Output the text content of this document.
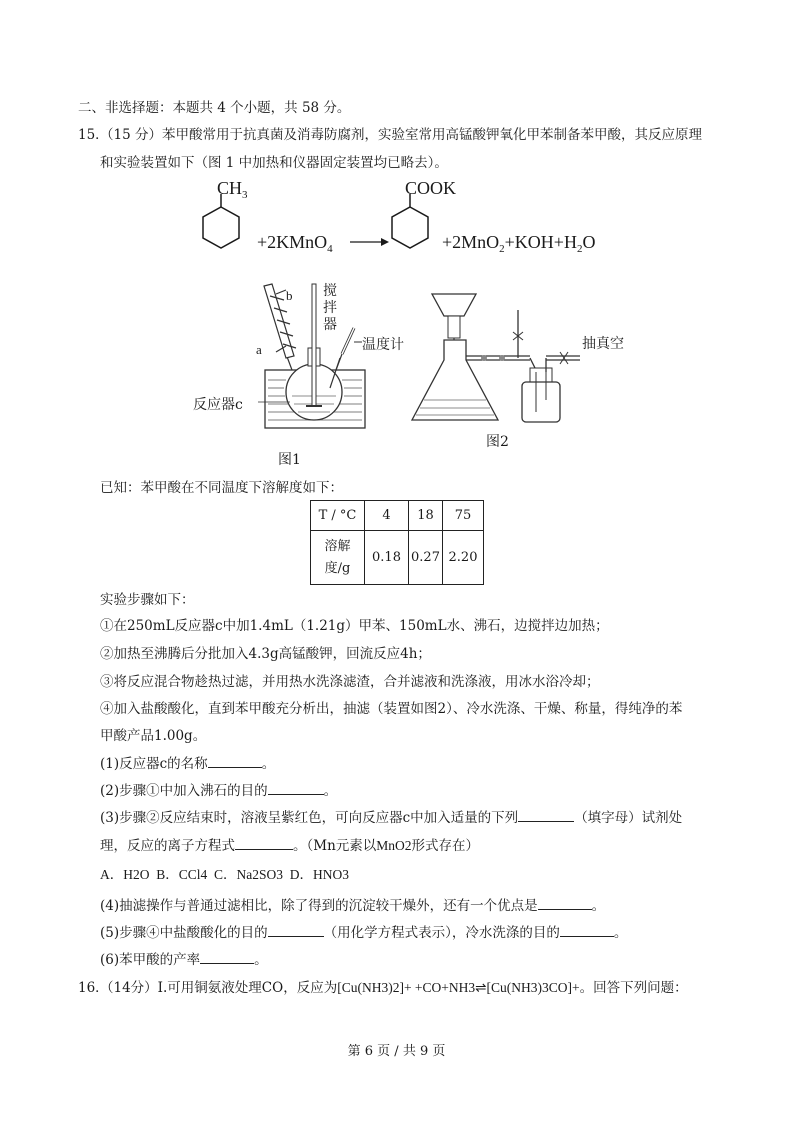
二、非选择题：本题共 4 个小题，共 58 分。
15．
（15 分）苯甲酸常用于抗真菌及消毒防腐剂，实验室常用高锰酸钾氧化甲苯制备苯甲酸，其反应原理
和实验装置如下（图 1 中加热和仪器固定装置均已略去）。
$CH_3$
+2KMnO$_4$
COOK
$+2MnO_2+KOH+H_2O$
a
b
图1
搅拌器
温度计
反应器c
图2
抽真空
已知：苯甲酸在不同温度下溶解度如下：
T / °C	4	18	75

溶解
度/g	0.18	0.27	2.20
实验步骤如下：
①在250mL反应器c中加1.4mL（1.21g）甲苯、150mL水、沸石，边搅拌边加热；
②加热至沸腾后分批加入4.3g高锰酸钾，回流反应4h；
③将反应混合物趁热过滤，并用热水洗涤滤渣，合并滤液和洗涤液，用冰水浴冷却；
④加入盐酸酸化，直到苯甲酸充分析出，抽滤（装置如图2）、冷水洗涤、干燥、称量，得纯净的苯
甲酸产品1.00g。
(1)反应器c的名称	。
(2)步骤①中加入沸石的目的	。
(3)步骤②反应结束时，溶液呈紫红色，可向反应器c中加入适量的下列	（填字母）试剂处
理，反应的离子方程式	。（Mn元素以MnO2形式存在）
A．H2O B．CCl4 C．Na2SO3 D．HNO3
(4)抽滤操作与普通过滤相比，除了得到的沉淀较干燥外，还有一个优点是	。
(5)步骤④中盐酸酸化的目的	（用化学方程式表示），冷水洗涤的目的	。
(6)苯甲酸的产率	。
16．
（14分）I.可用铜氨液处理CO，反应为[Cu(NH3)2]+ +CO+NH3⇌[Cu(NH3)3CO]+。回答下列问题：
第 6 页 / 共 9 页
